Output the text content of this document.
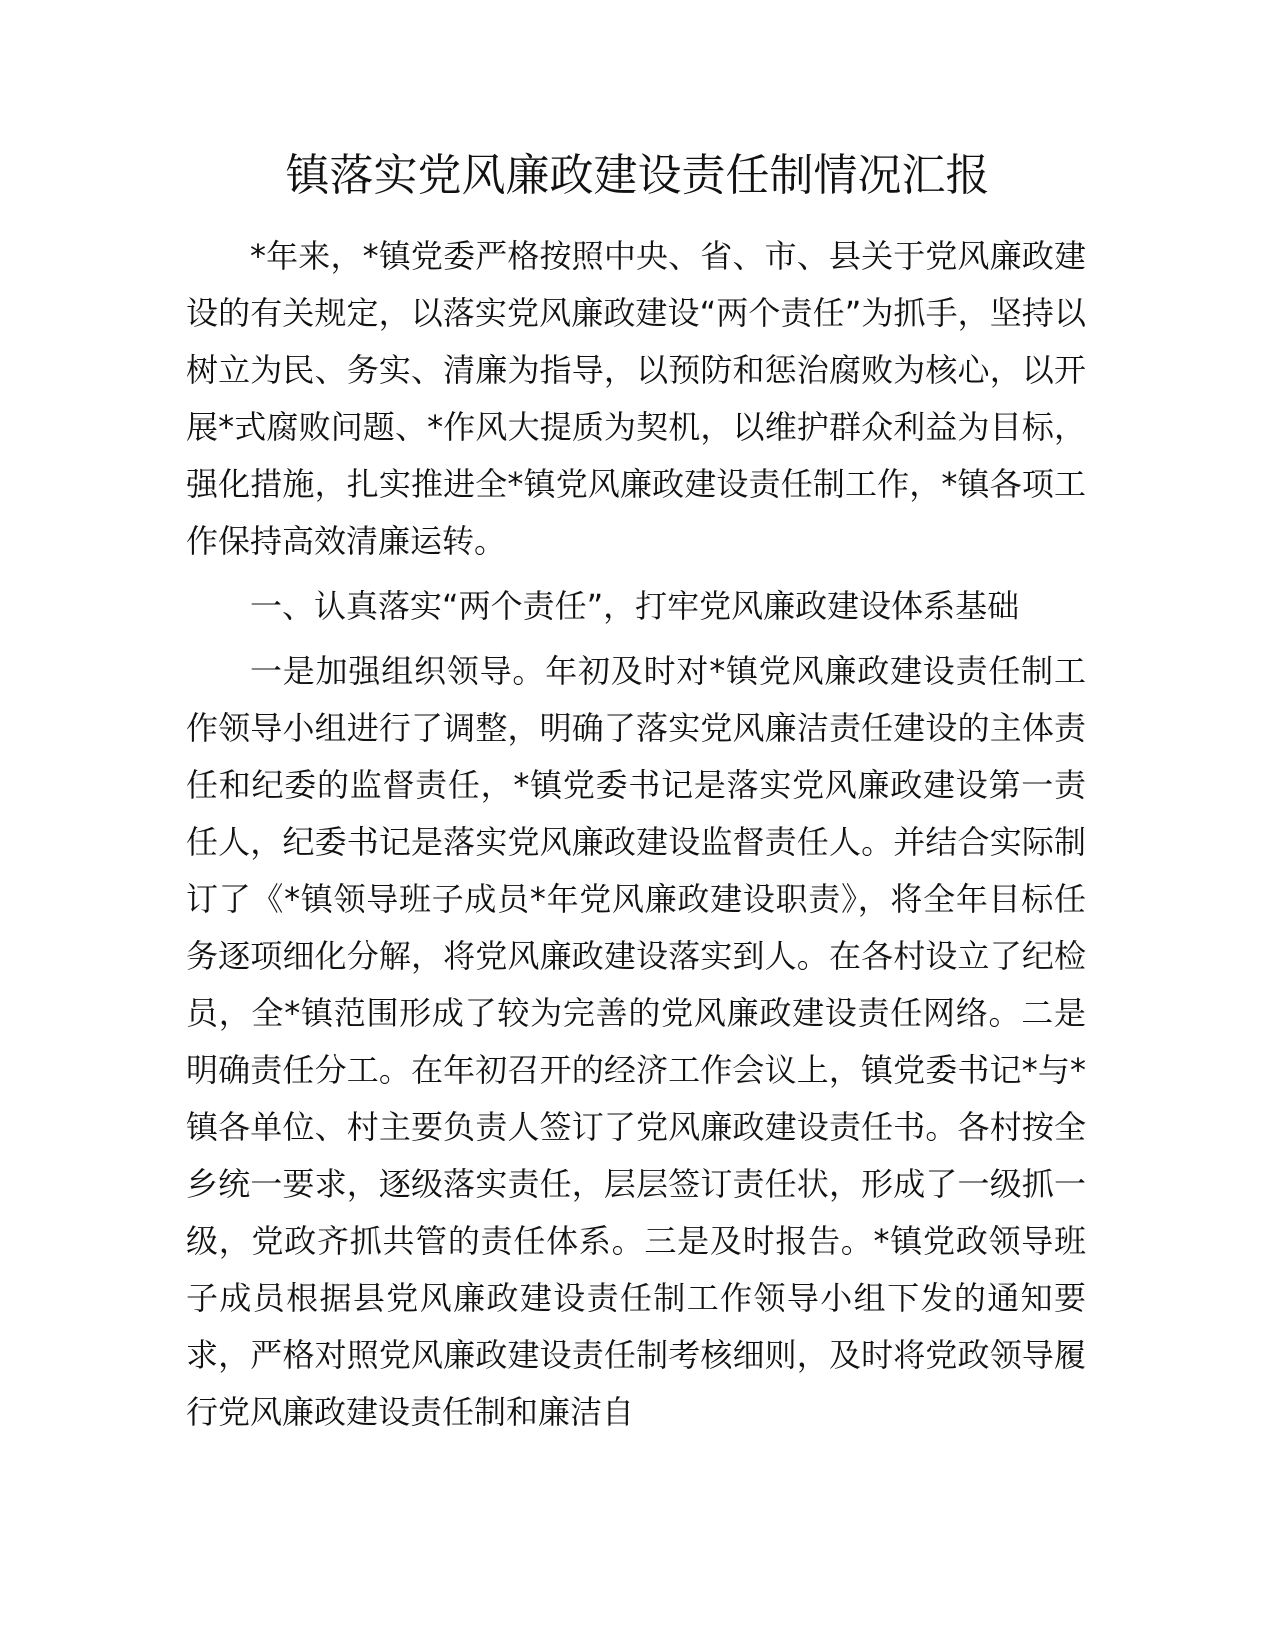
镇落实党风廉政建设责任制情况汇报

*年来，*镇党委严格按照中央、省、市、县关于党风廉政建设的有关规定，以落实党风廉政建设“两个责任”为抓手，坚持以树立为民、务实、清廉为指导，以预防和惩治腐败为核心，以开展*式腐败问题、*作风大提质为契机，以维护群众利益为目标，强化措施，扎实推进全*镇党风廉政建设责任制工作，*镇各项工作保持高效清廉运转。

一、认真落实“两个责任”，打牢党风廉政建设体系基础

一是加强组织领导。年初及时对*镇党风廉政建设责任制工作领导小组进行了调整，明确了落实党风廉洁责任建设的主体责任和纪委的监督责任，*镇党委书记是落实党风廉政建设第一责任人，纪委书记是落实党风廉政建设监督责任人。并结合实际制订了《*镇领导班子成员*年党风廉政建设职责》，将全年目标任务逐项细化分解，将党风廉政建设落实到人。在各村设立了纪检员，全*镇范围形成了较为完善的党风廉政建设责任网络。二是明确责任分工。在年初召开的经济工作会议上，镇党委书记*与*镇各单位、村主要负责人签订了党风廉政建设责任书。各村按全乡统一要求，逐级落实责任，层层签订责任状，形成了一级抓一级，党政齐抓共管的责任体系。三是及时报告。*镇党政领导班子成员根据县党风廉政建设责任制工作领导小组下发的通知要求，严格对照党风廉政建设责任制考核细则，及时将党政领导履行党风廉政建设责任制和廉洁自
